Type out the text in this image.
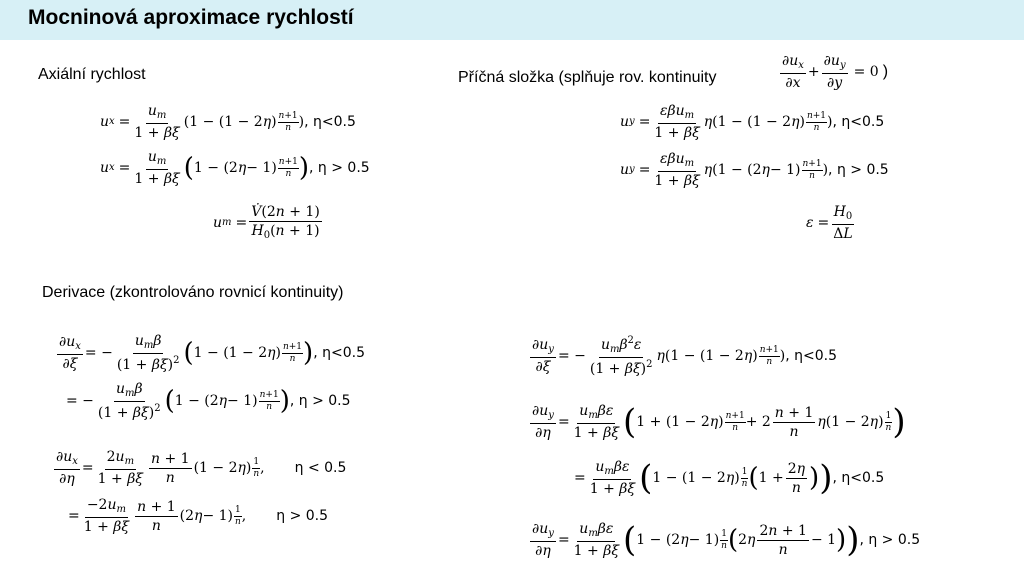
Mocninová aproximace rychlostí
Axiální rychlost	Příčná složka (splňuje rov. kontinuity	$\frac{\partial u_x}{\partial x} + \frac{\partial u_y}{\partial y} = 0$ )
u $x = \frac{u_m}{1 + \beta\xi} (1 - (1 - 2$ η ) $\frac{n+1}{n}$ ) , η<0.5
u $x = \frac{u_m}{1 + \beta\xi}$ ( 1 − (2 $\eta - 1) \frac{n+1}{n}$ ) , η > 0.5
u $m = \frac{V̇(2n + 1)}{H_0(n + 1)}$
u $y = \frac{\varepsilon\beta u_m}{1 + \beta\xi}$ η (1 − (1 − 2 η ) $\frac{n+1}{n}$ ) , η<0.5
u $y = \frac{\varepsilon\beta u_m}{1 + \beta\xi}$ η (1 − (2 $\eta - 1) \frac{n+1}{n}$ ) , η > 0.5
$\varepsilon = \frac{H_0}{\Delta L}$
Derivace (zkontrolováno rovnicí kontinuity)
$\frac{\partial u_x}{\partial\xi}$ = − $\frac{u_m\beta}{(1 + \beta\xi)^2}$ ( 1 − (1 − 2 η ) $\frac{n+1}{n}$ ) , η<0.5
= − $\frac{u_m\beta}{(1 + \beta\xi)^2}$ ( 1 − (2 $\eta - 1) \frac{n+1}{n}$ ) , η > 0.5
$\frac{\partial u_x}{\partial\eta} = \frac{2u_m}{1 + \beta\xi} \frac{n + 1}{n} (1 - 2$ η ) $\frac{1}{n}$ , η < 0.5
= $\frac{-2u_m}{1 + \beta\xi} \frac{n + 1}{n} (2$ $\eta - 1) \frac{1}{n}$ , η > 0.5
$\frac{\partial u_y}{\partial\xi}$ = − $\frac{u_m\beta^2\varepsilon}{(1 + \beta\xi)^2}$ η (1 − (1 − 2 η ) $\frac{n+1}{n}$ ) , η<0.5
$\frac{\partial u_y}{\partial\eta} = \frac{u_m\beta\varepsilon}{1 + \beta\xi}$ ( 1 + (1 − 2 η ) $\frac{n+1}{n} + 2 \frac{n + 1}{n}$ η (1 − 2 η ) $\frac{1}{n}$ )
= $\frac{u_m\beta\varepsilon}{1 + \beta\xi}$ ( 1 − (1 − 2 η ) $\frac{1}{n}$ ( $1 + \frac{2\eta}{n}$ ) ) , η<0.5
$\frac{\partial u_y}{\partial\eta} = \frac{u_m\beta\varepsilon}{1 + \beta\xi}$ ( 1 − (2 $\eta - 1) \frac{1}{n}$ ( 2 η $\frac{2n + 1}{n} - 1$ ) ) , η > 0.5
